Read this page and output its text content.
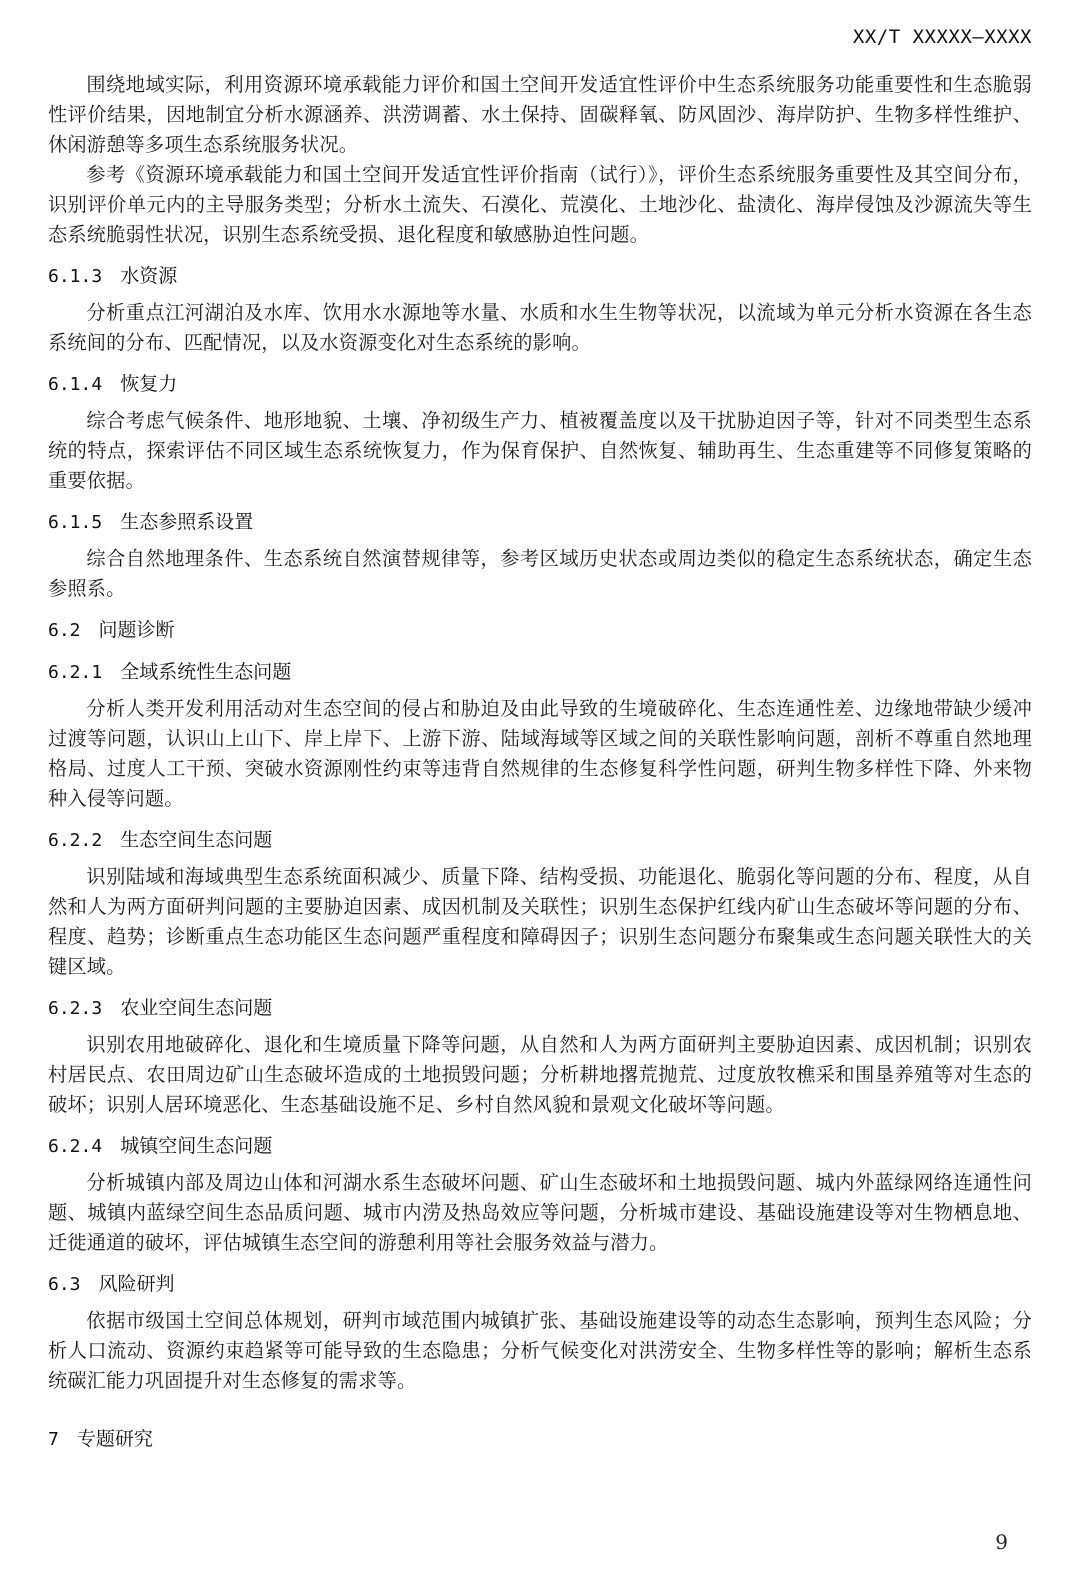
XX/T XXXXX—XXXX

围绕地域实际，利用资源环境承载能力评价和国土空间开发适宜性评价中生态系统服务功能重要性和生态脆弱性评价结果，因地制宜分析水源涵养、洪涝调蓄、水土保持、固碳释氧、防风固沙、海岸防护、生物多样性维护、休闲游憩等多项生态系统服务状况。

参考《资源环境承载能力和国土空间开发适宜性评价指南（试行）》，评价生态系统服务重要性及其空间分布，识别评价单元内的主导服务类型；分析水土流失、石漠化、荒漠化、土地沙化、盐渍化、海岸侵蚀及沙源流失等生态系统脆弱性状况，识别生态系统受损、退化程度和敏感胁迫性问题。

6.1.3 水资源

分析重点江河湖泊及水库、饮用水水源地等水量、水质和水生生物等状况，以流域为单元分析水资源在各生态系统间的分布、匹配情况，以及水资源变化对生态系统的影响。

6.1.4 恢复力

综合考虑气候条件、地形地貌、土壤、净初级生产力、植被覆盖度以及干扰胁迫因子等，针对不同类型生态系统的特点，探索评估不同区域生态系统恢复力，作为保育保护、自然恢复、辅助再生、生态重建等不同修复策略的重要依据。

6.1.5 生态参照系设置

综合自然地理条件、生态系统自然演替规律等，参考区域历史状态或周边类似的稳定生态系统状态，确定生态参照系。

6.2 问题诊断
6.2.1 全域系统性生态问题

分析人类开发利用活动对生态空间的侵占和胁迫及由此导致的生境破碎化、生态连通性差、边缘地带缺少缓冲过渡等问题，认识山上山下、岸上岸下、上游下游、陆域海域等区域之间的关联性影响问题，剖析不尊重自然地理格局、过度人工干预、突破水资源刚性约束等违背自然规律的生态修复科学性问题，研判生物多样性下降、外来物种入侵等问题。

6.2.2 生态空间生态问题

识别陆域和海域典型生态系统面积减少、质量下降、结构受损、功能退化、脆弱化等问题的分布、程度，从自然和人为两方面研判问题的主要胁迫因素、成因机制及关联性；识别生态保护红线内矿山生态破坏等问题的分布、程度、趋势；诊断重点生态功能区生态问题严重程度和障碍因子；识别生态问题分布聚集或生态问题关联性大的关键区域。

6.2.3 农业空间生态问题

识别农用地破碎化、退化和生境质量下降等问题，从自然和人为两方面研判主要胁迫因素、成因机制；识别农村居民点、农田周边矿山生态破坏造成的土地损毁问题；分析耕地撂荒抛荒、过度放牧樵采和围垦养殖等对生态的破坏；识别人居环境恶化、生态基础设施不足、乡村自然风貌和景观文化破坏等问题。

6.2.4 城镇空间生态问题

分析城镇内部及周边山体和河湖水系生态破坏问题、矿山生态破坏和土地损毁问题、城内外蓝绿网络连通性问题、城镇内蓝绿空间生态品质问题、城市内涝及热岛效应等问题，分析城市建设、基础设施建设等对生物栖息地、迁徙通道的破坏，评估城镇生态空间的游憩利用等社会服务效益与潜力。

6.3 风险研判

依据市级国土空间总体规划，研判市域范围内城镇扩张、基础设施建设等的动态生态影响，预判生态风险；分析人口流动、资源约束趋紧等可能导致的生态隐患；分析气候变化对洪涝安全、生物多样性等的影响；解析生态系统碳汇能力巩固提升对生态修复的需求等。

7 专题研究
9
